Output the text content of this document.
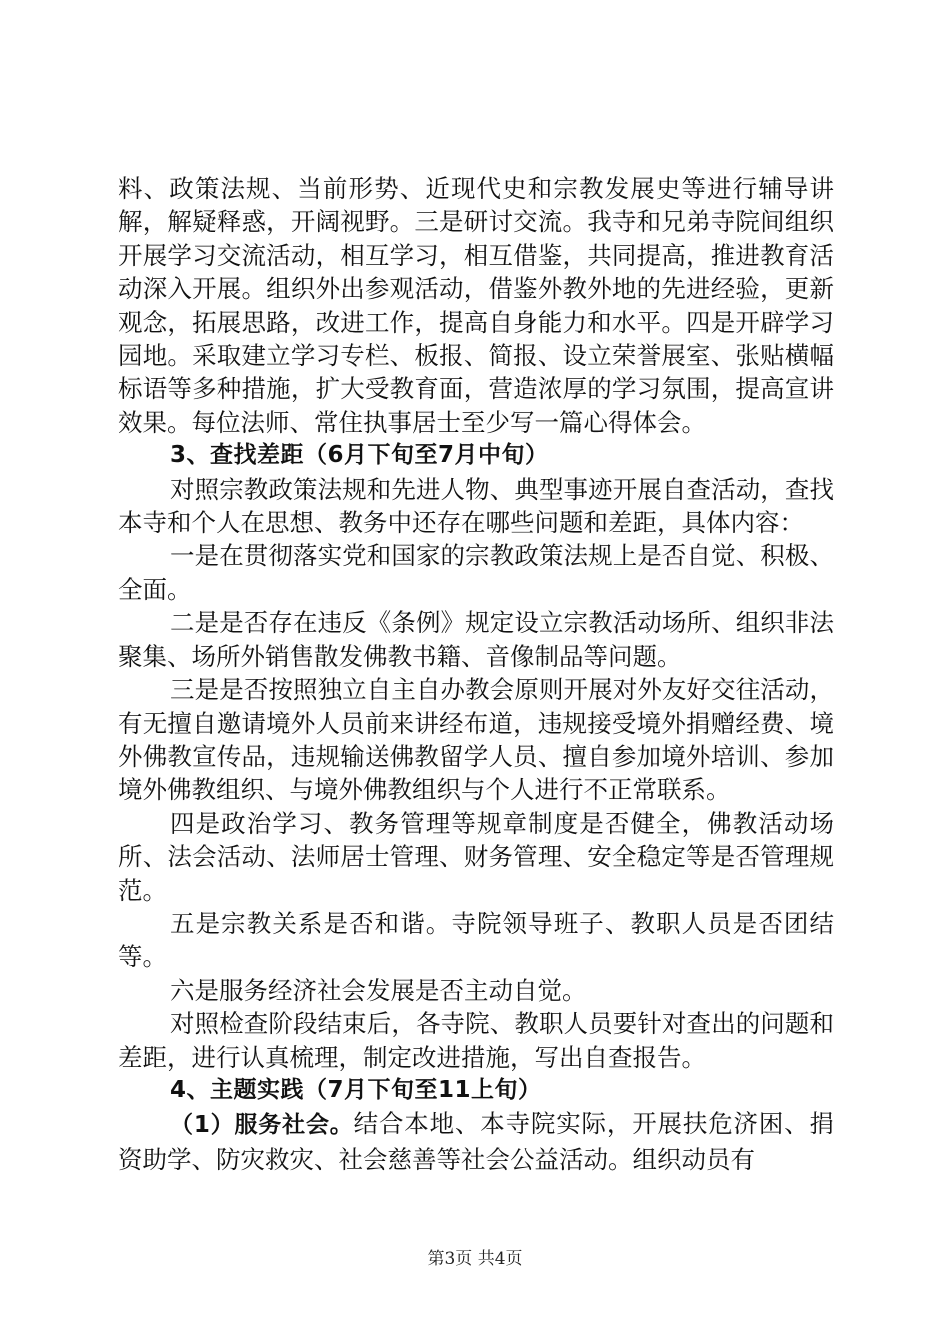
料、政策法规、当前形势、近现代史和宗教发展史等进行辅导讲解，解疑释惑，开阔视野。三是研讨交流。我寺和兄弟寺院间组织开展学习交流活动，相互学习，相互借鉴，共同提高，推进教育活动深入开展。组织外出参观活动，借鉴外教外地的先进经验，更新观念，拓展思路，改进工作，提高自身能力和水平。四是开辟学习园地。采取建立学习专栏、板报、简报、设立荣誉展室、张贴横幅标语等多种措施，扩大受教育面，营造浓厚的学习氛围，提高宣讲效果。每位法师、常住执事居士至少写一篇心得体会。

3、查找差距（6月下旬至7月中旬）

对照宗教政策法规和先进人物、典型事迹开展自查活动，查找本寺和个人在思想、教务中还存在哪些问题和差距，具体内容：

一是在贯彻落实党和国家的宗教政策法规上是否自觉、积极、全面。

二是是否存在违反《条例》规定设立宗教活动场所、组织非法聚集、场所外销售散发佛教书籍、音像制品等问题。

三是是否按照独立自主自办教会原则开展对外友好交往活动，有无擅自邀请境外人员前来讲经布道，违规接受境外捐赠经费、境外佛教宣传品，违规输送佛教留学人员、擅自参加境外培训、参加境外佛教组织、与境外佛教组织与个人进行不正常联系。

四是政治学习、教务管理等规章制度是否健全，佛教活动场所、法会活动、法师居士管理、财务管理、安全稳定等是否管理规范。

五是宗教关系是否和谐。寺院领导班子、教职人员是否团结等。

六是服务经济社会发展是否主动自觉。

对照检查阶段结束后，各寺院、教职人员要针对查出的问题和差距，进行认真梳理，制定改进措施，写出自查报告。

4、主题实践（7月下旬至11上旬）

（1）服务社会。结合本地、本寺院实际，开展扶危济困、捐资助学、防灾救灾、社会慈善等社会公益活动。组织动员有

第3页 共4页
